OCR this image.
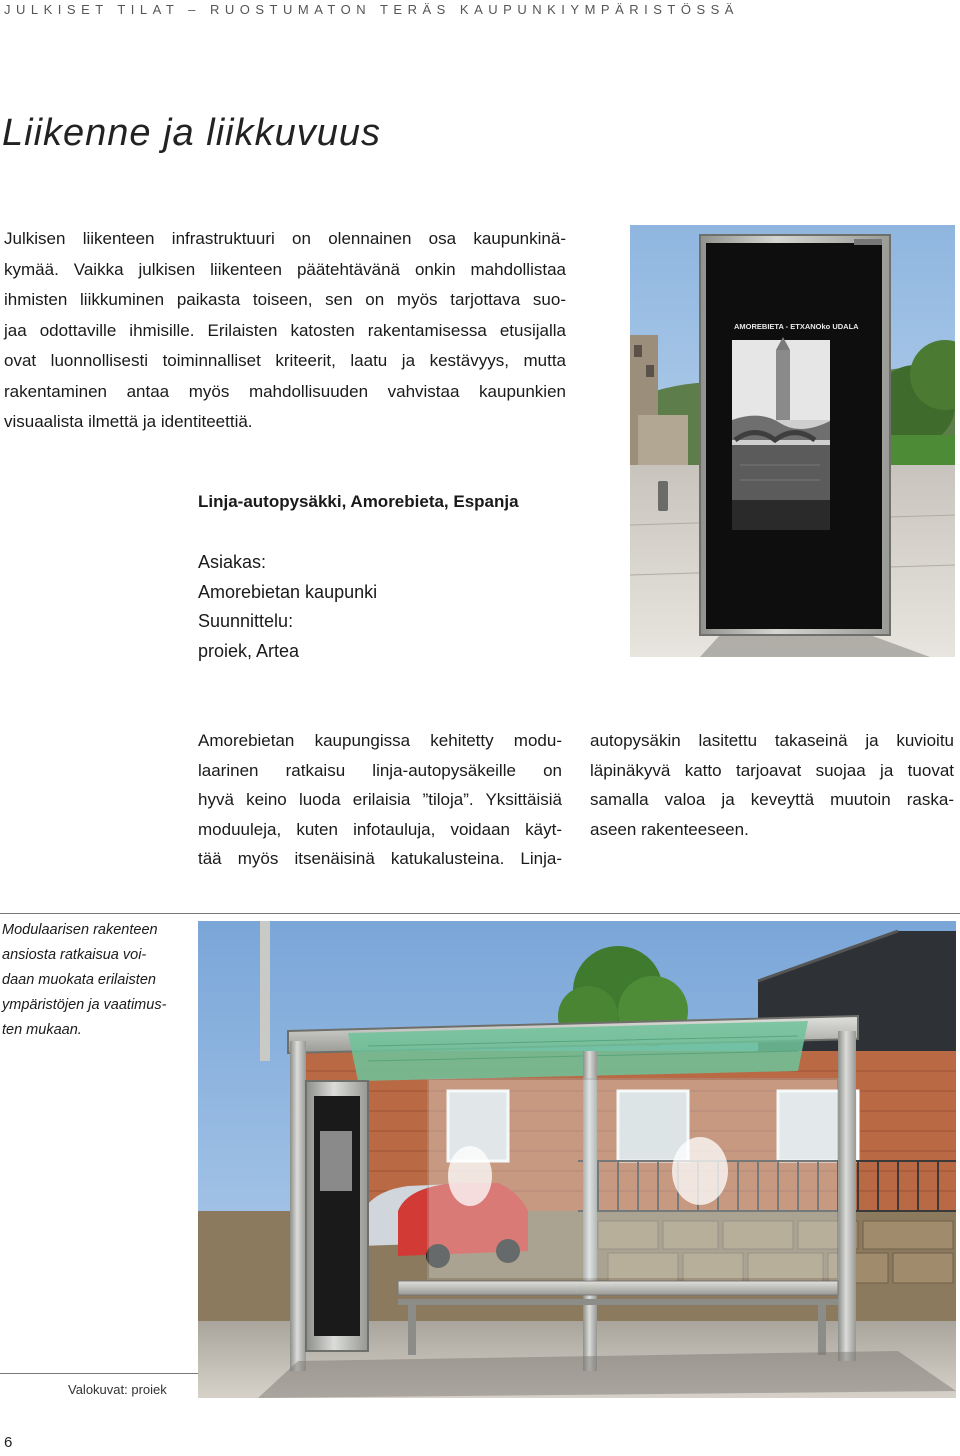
JULKISET TILAT – RUOSTUMATON TERÄS KAUPUNKIYMPÄRISTÖSSÄ
Liikenne ja liikkuvuus

Julkisen liikenteen infrastruktuuri on olennainen osa kaupunkinä-
kymää. Vaikka julkisen liikenteen päätehtävänä onkin mahdollistaa
ihmisten liikkuminen paikasta toiseen, sen on myös tarjottava suo-
jaa odottaville ihmisille. Erilaisten katosten rakentamisessa etusijalla
ovat luonnollisesti toiminnalliset kriteerit, laatu ja kestävyys, mutta
rakentaminen antaa myös mahdollisuuden vahvistaa kaupunkien
visuaalista ilmettä ja identiteettiä.

AMOREBIETA - ETXANOko UDALA
Linja-autopysäkki, Amorebieta, Espanja
Asiakas:
Amorebietan kaupunki
Suunnittelu:
proiek, Artea
Amorebietan kaupungissa kehitetty modu-
laarinen ratkaisu linja-autopysäkeille on
hyvä keino luoda erilaisia ”tiloja”. Yksittäisiä
moduuleja, kuten infotauluja, voidaan käyt-
tää myös itsenäisinä katukalusteina. Linja-
autopysäkin lasitettu takaseinä ja kuvioitu
läpinäkyvä katto tarjoavat suojaa ja tuovat
samalla valoa ja keveyttä muutoin raska-
aseen rakenteeseen.
Modulaarisen rakenteen
ansiosta ratkaisua voi-
daan muokata erilaisten
ympäristöjen ja vaatimus-
ten mukaan.
Valokuvat: proiek
6
